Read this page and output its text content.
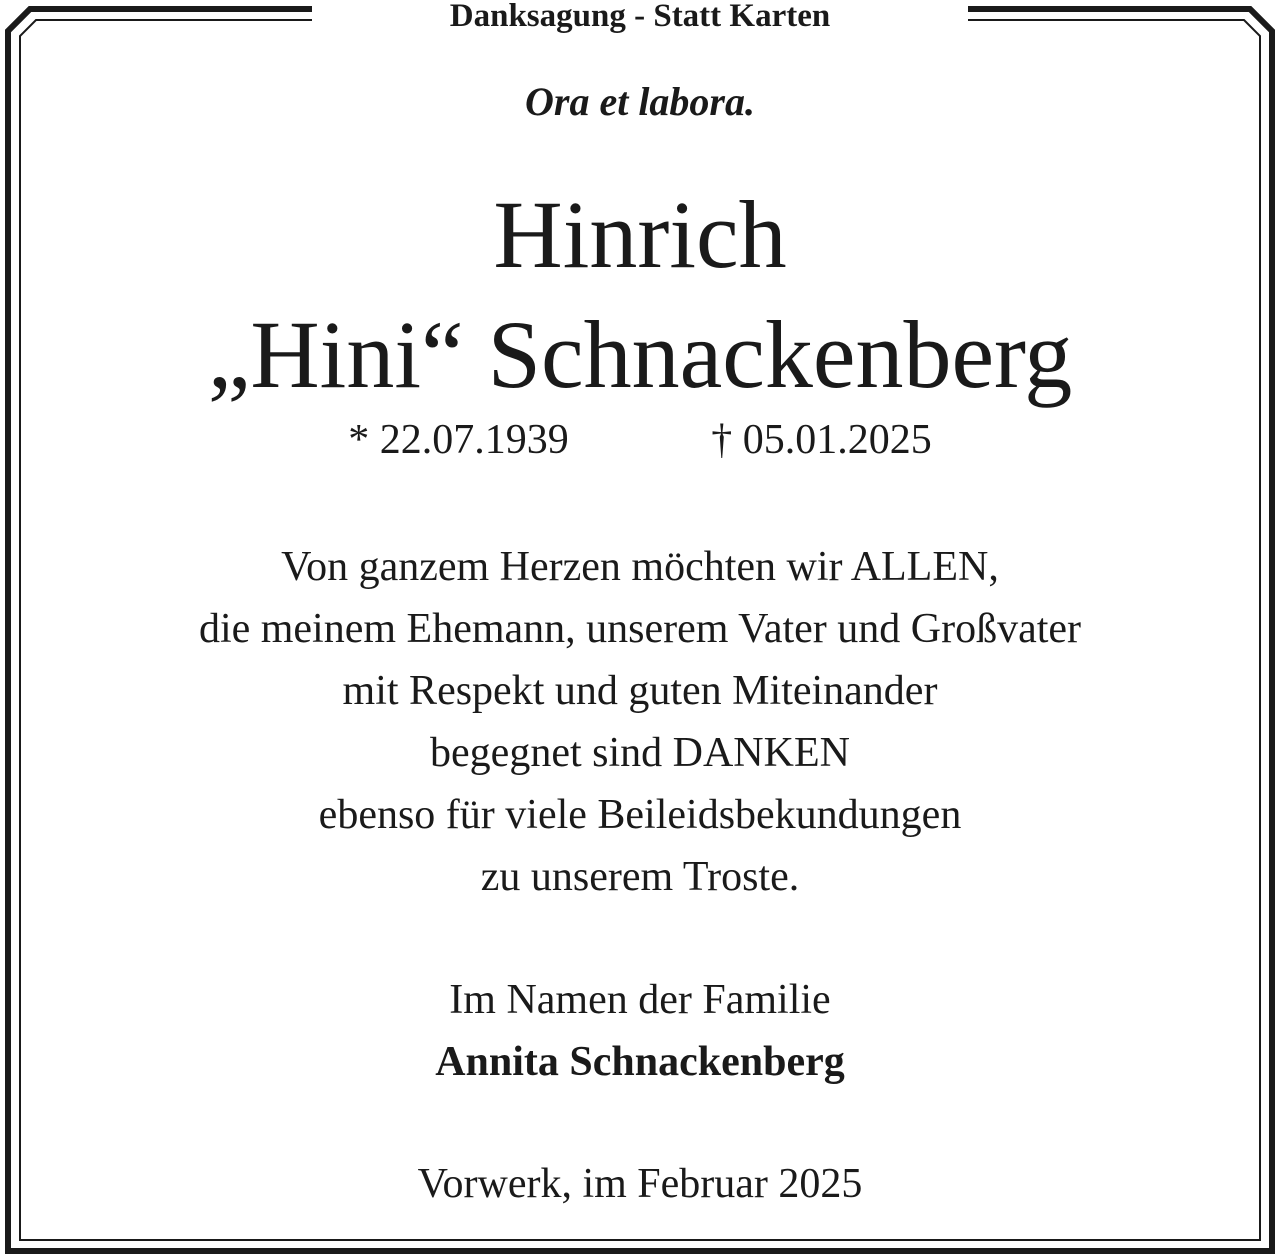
Danksagung - Statt Karten
Ora et labora.
Hinrich
„Hini“ Schnackenberg
* 22.07.1939	† 05.01.2025
Von ganzem Herzen möchten wir ALLEN,
die meinem Ehemann, unserem Vater und Großvater
mit Respekt und guten Miteinander
begegnet sind DANKEN
ebenso für viele Beileidsbekundungen
zu unserem Troste.
Im Namen der Familie
Annita Schnackenberg
Vorwerk, im Februar 2025
